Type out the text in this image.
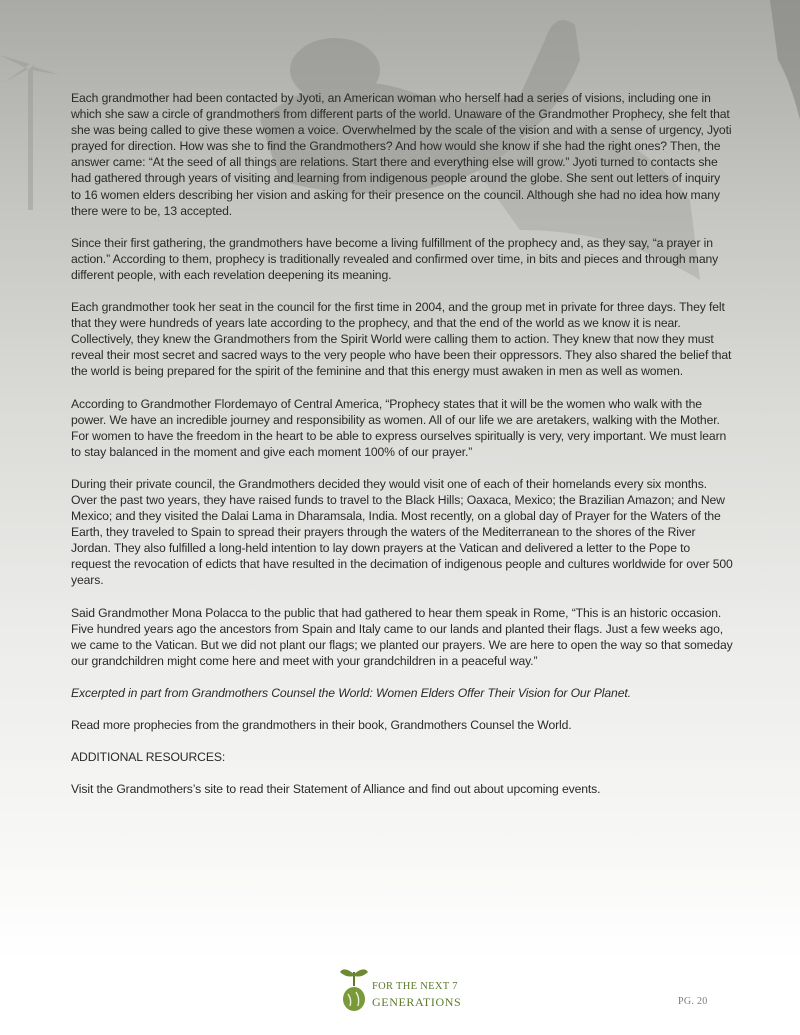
Each grandmother had been contacted by Jyoti, an American woman who herself had a series of visions, including one in which she saw a circle of grandmothers from different parts of the world. Unaware of the Grandmother Prophecy, she felt that she was being called to give these women a voice. Overwhelmed by the scale of the vision and with a sense of urgency, Jyoti prayed for direction. How was she to find the Grandmothers? And how would she know if she had the right ones? Then, the answer came: “At the seed of all things are relations. Start there and everything else will grow.” Jyoti turned to contacts she had gathered through years of visiting and learning from indigenous people around the globe. She sent out letters of inquiry to 16 women elders describing her vision and asking for their presence on the council. Although she had no idea how many there were to be, 13 accepted.

Since their first gathering, the grandmothers have become a living fulfillment of the prophecy and, as they say, “a prayer in action.” According to them, prophecy is traditionally revealed and confirmed over time, in bits and pieces and through many different people, with each revelation deepening its meaning.

Each grandmother took her seat in the council for the first time in 2004, and the group met in private for three days. They felt that they were hundreds of years late according to the prophecy, and that the end of the world as we know it is near. Collectively, they knew the Grandmothers from the Spirit World were calling them to action. They knew that now they must reveal their most secret and sacred ways to the very people who have been their oppressors. They also shared the belief that the world is being prepared for the spirit of the feminine and that this energy must awaken in men as well as women.

According to Grandmother Flordemayo of Central America, “Prophecy states that it will be the women who walk with the power. We have an incredible journey and responsibility as women. All of our life we are aretakers, walking with the Mother. For women to have the freedom in the heart to be able to express ourselves spiritually is very, very important. We must learn to stay balanced in the moment and give each moment 100% of our prayer.”

During their private council, the Grandmothers decided they would visit one of each of their homelands every six months. Over the past two years, they have raised funds to travel to the Black Hills; Oaxaca, Mexico; the Brazilian Amazon; and New Mexico; and they visited the Dalai Lama in Dharamsala, India. Most recently, on a global day of Prayer for the Waters of the Earth, they traveled to Spain to spread their prayers through the waters of the Mediterranean to the shores of the River Jordan. They also fulfilled a long-held intention to lay down prayers at the Vatican and delivered a letter to the Pope to request the revocation of edicts that have resulted in the decimation of indigenous people and cultures worldwide for over 500 years.

Said Grandmother Mona Polacca to the public that had gathered to hear them speak in Rome, “This is an historic occasion. Five hundred years ago the ancestors from Spain and Italy came to our lands and planted their flags. Just a few weeks ago, we came to the Vatican. But we did not plant our flags; we planted our prayers. We are here to open the way so that someday our grandchildren might come here and meet with your grandchildren in a peaceful way.”

Excerpted in part from Grandmothers Counsel the World: Women Elders Offer Their Vision for Our Planet.

Read more prophecies from the grandmothers in their book, Grandmothers Counsel the World.

ADDITIONAL RESOURCES:

Visit the Grandmothers’s site to read their Statement of Alliance and find out about upcoming events.

FOR THE NEXT 7
GENERATIONS	PG. 20
